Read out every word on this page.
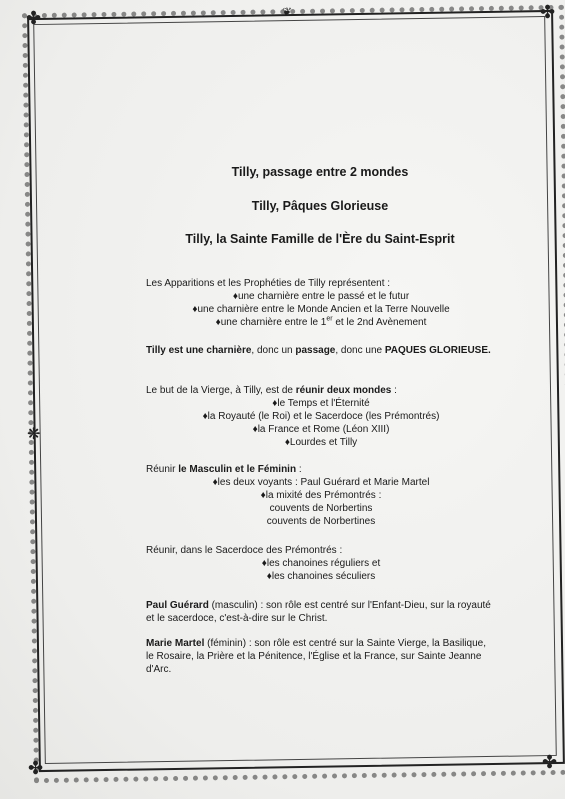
✤	✤
✤	✤
❋
❦
Tilly, passage entre 2 mondes
Tilly, Pâques Glorieuse
Tilly, la Sainte Famille de l'Ère du Saint-Esprit
Les Apparitions et les Prophéties de Tilly représentent :
♦ une charnière entre le passé et le futur
♦ une charnière entre le Monde Ancien et la Terre Nouvelle
♦ une charnière entre le 1er et le 2nd Avènement
Tilly est une charnière, donc un passage, donc une PAQUES GLORIEUSE.
Le but de la Vierge, à Tilly, est de réunir deux mondes :
♦ le Temps et l'Éternité
♦ la Royauté (le Roi) et le Sacerdoce (les Prémontrés)
♦ la France et Rome (Léon XIII)
♦ Lourdes et Tilly
Réunir le Masculin et le Féminin :
♦ les deux voyants : Paul Guérard et Marie Martel
♦ la mixité des Prémontrés :
couvents de Norbertins
couvents de Norbertines
Réunir, dans le Sacerdoce des Prémontrés :
♦ les chanoines réguliers et
♦ les chanoines séculiers
Paul Guérard (masculin) : son rôle est centré sur l'Enfant-Dieu, sur la royauté et le sacerdoce, c'est-à-dire sur le Christ.
Marie Martel (féminin) : son rôle est centré sur la Sainte Vierge, la Basilique, le Rosaire, la Prière et la Pénitence, l'Église et la France, sur Sainte Jeanne d'Arc.
